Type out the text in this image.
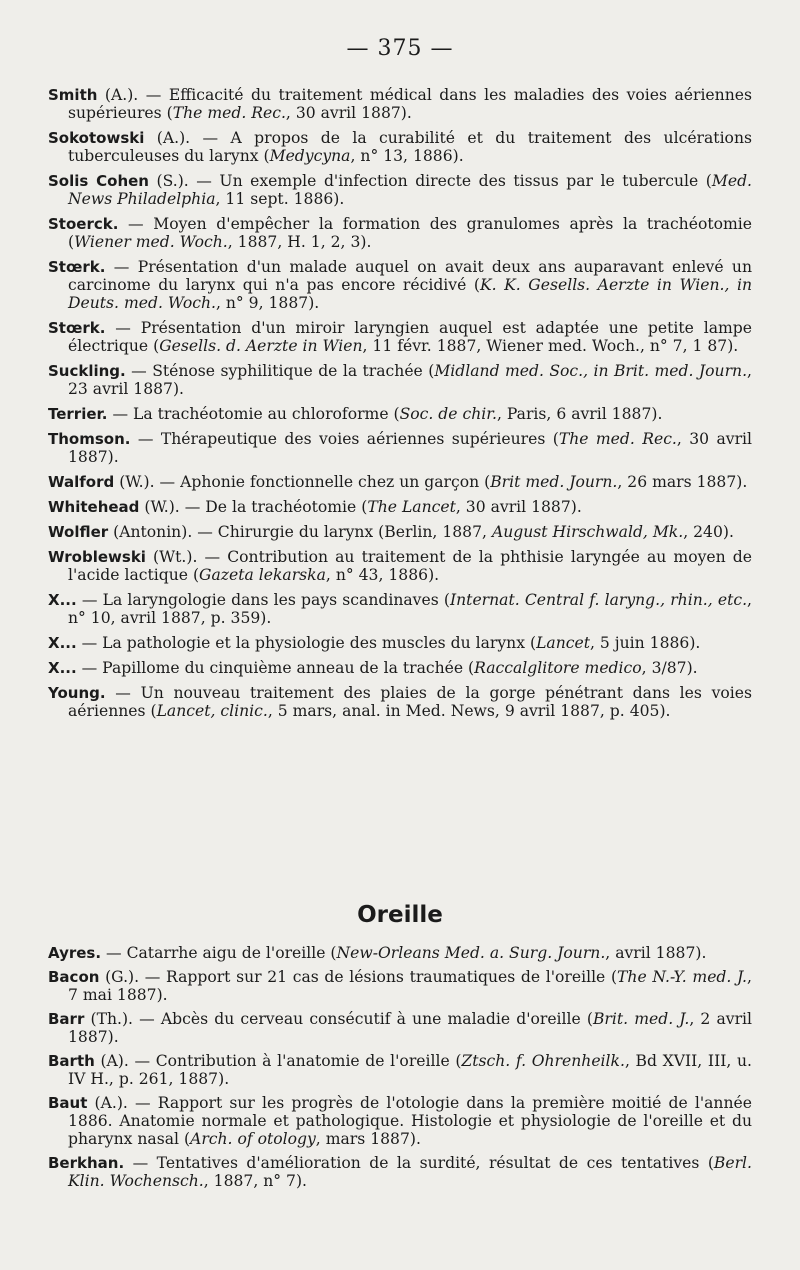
— 375 —

Smith (A.). — Efficacité du traitement médical dans les maladies des voies aériennes supérieures (The med. Rec., 30 avril 1887).

Sokotowski (A.). — A propos de la curabilité et du traitement des ulcérations tuberculeuses du larynx (Medycyna, n° 13, 1886).

Solis Cohen (S.). — Un exemple d'infection directe des tissus par le tubercule (Med. News Philadelphia, 11 sept. 1886).

Stoerck. — Moyen d'empêcher la formation des granulomes après la trachéotomie (Wiener med. Woch., 1887, H. 1, 2, 3).

Stœrk. — Présentation d'un malade auquel on avait deux ans auparavant enlevé un carcinome du larynx qui n'a pas encore récidivé (K. K. Gesells. Aerzte in Wien., in Deuts. med. Woch., n° 9, 1887).

Stœrk. — Présentation d'un miroir laryngien auquel est adaptée une petite lampe électrique (Gesells. d. Aerzte in Wien, 11 févr. 1887, Wiener med. Woch., n° 7, 1 87).

Suckling. — Sténose syphilitique de la trachée (Midland med. Soc., in Brit. med. Journ., 23 avril 1887).

Terrier. — La trachéotomie au chloroforme (Soc. de chir., Paris, 6 avril 1887).

Thomson. — Thérapeutique des voies aériennes supérieures (The med. Rec., 30 avril 1887).

Walford (W.). — Aphonie fonctionnelle chez un garçon (Brit med. Journ., 26 mars 1887).

Whitehead (W.). — De la trachéotomie (The Lancet, 30 avril 1887).

Wolfler (Antonin). — Chirurgie du larynx (Berlin, 1887, August Hirschwald, Mk., 240).

Wroblewski (Wt.). — Contribution au traitement de la phthisie laryngée au moyen de l'acide lactique (Gazeta lekarska, n° 43, 1886).

X... — La laryngologie dans les pays scandinaves (Internat. Central f. laryng., rhin., etc., n° 10, avril 1887, p. 359).

X... — La pathologie et la physiologie des muscles du larynx (Lancet, 5 juin 1886).

X... — Papillome du cinquième anneau de la trachée (Raccalglitore medico, 3/87).

Young. — Un nouveau traitement des plaies de la gorge pénétrant dans les voies aériennes (Lancet, clinic., 5 mars, anal. in Med. News, 9 avril 1887, p. 405).

Oreille

Ayres. — Catarrhe aigu de l'oreille (New-Orleans Med. a. Surg. Journ., avril 1887).

Bacon (G.). — Rapport sur 21 cas de lésions traumatiques de l'oreille (The N.-Y. med. J., 7 mai 1887).

Barr (Th.). — Abcès du cerveau consécutif à une maladie d'oreille (Brit. med. J., 2 avril 1887).

Barth (A). — Contribution à l'anatomie de l'oreille (Ztsch. f. Ohrenheilk., Bd XVII, III, u. IV H., p. 261, 1887).

Baut (A.). — Rapport sur les progrès de l'otologie dans la première moitié de l'année 1886. Anatomie normale et pathologique. Histologie et physiologie de l'oreille et du pharynx nasal (Arch. of otology, mars 1887).

Berkhan. — Tentatives d'amélioration de la surdité, résultat de ces tentatives (Berl. Klin. Wochensch., 1887, n° 7).
